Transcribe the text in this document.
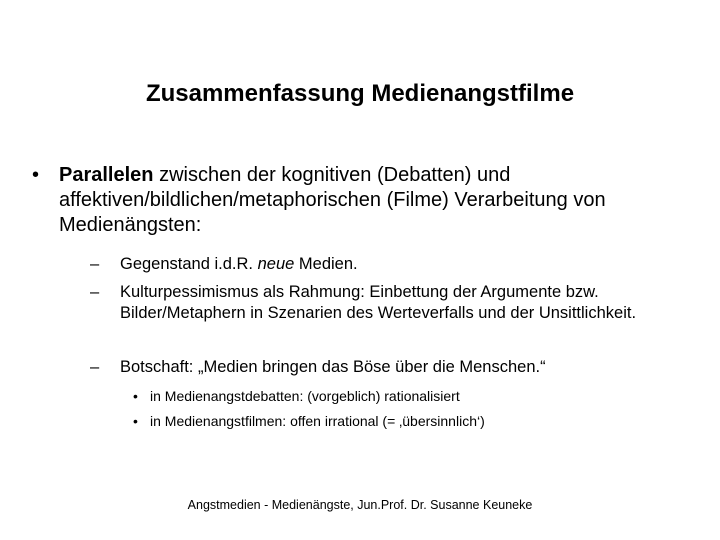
Zusammenfassung Medienangstfilme
• Parallelen zwischen der kognitiven (Debatten) und affektiven/bildlichen/metaphorischen (Filme) Verarbeitung von Medienängsten:
– Gegenstand i.d.R. neue Medien.
– Kulturpessimismus als Rahmung: Einbettung der Argumente bzw. Bilder/Metaphern in Szenarien des Werteverfalls und der Unsittlichkeit.
– Botschaft: „Medien bringen das Böse über die Menschen.“
• in Medienangstdebatten: (vorgeblich) rationalisiert
• in Medienangstfilmen: offen irrational (= ‚übersinnlich‘)
Angstmedien - Medienängste, Jun.Prof. Dr. Susanne Keuneke
